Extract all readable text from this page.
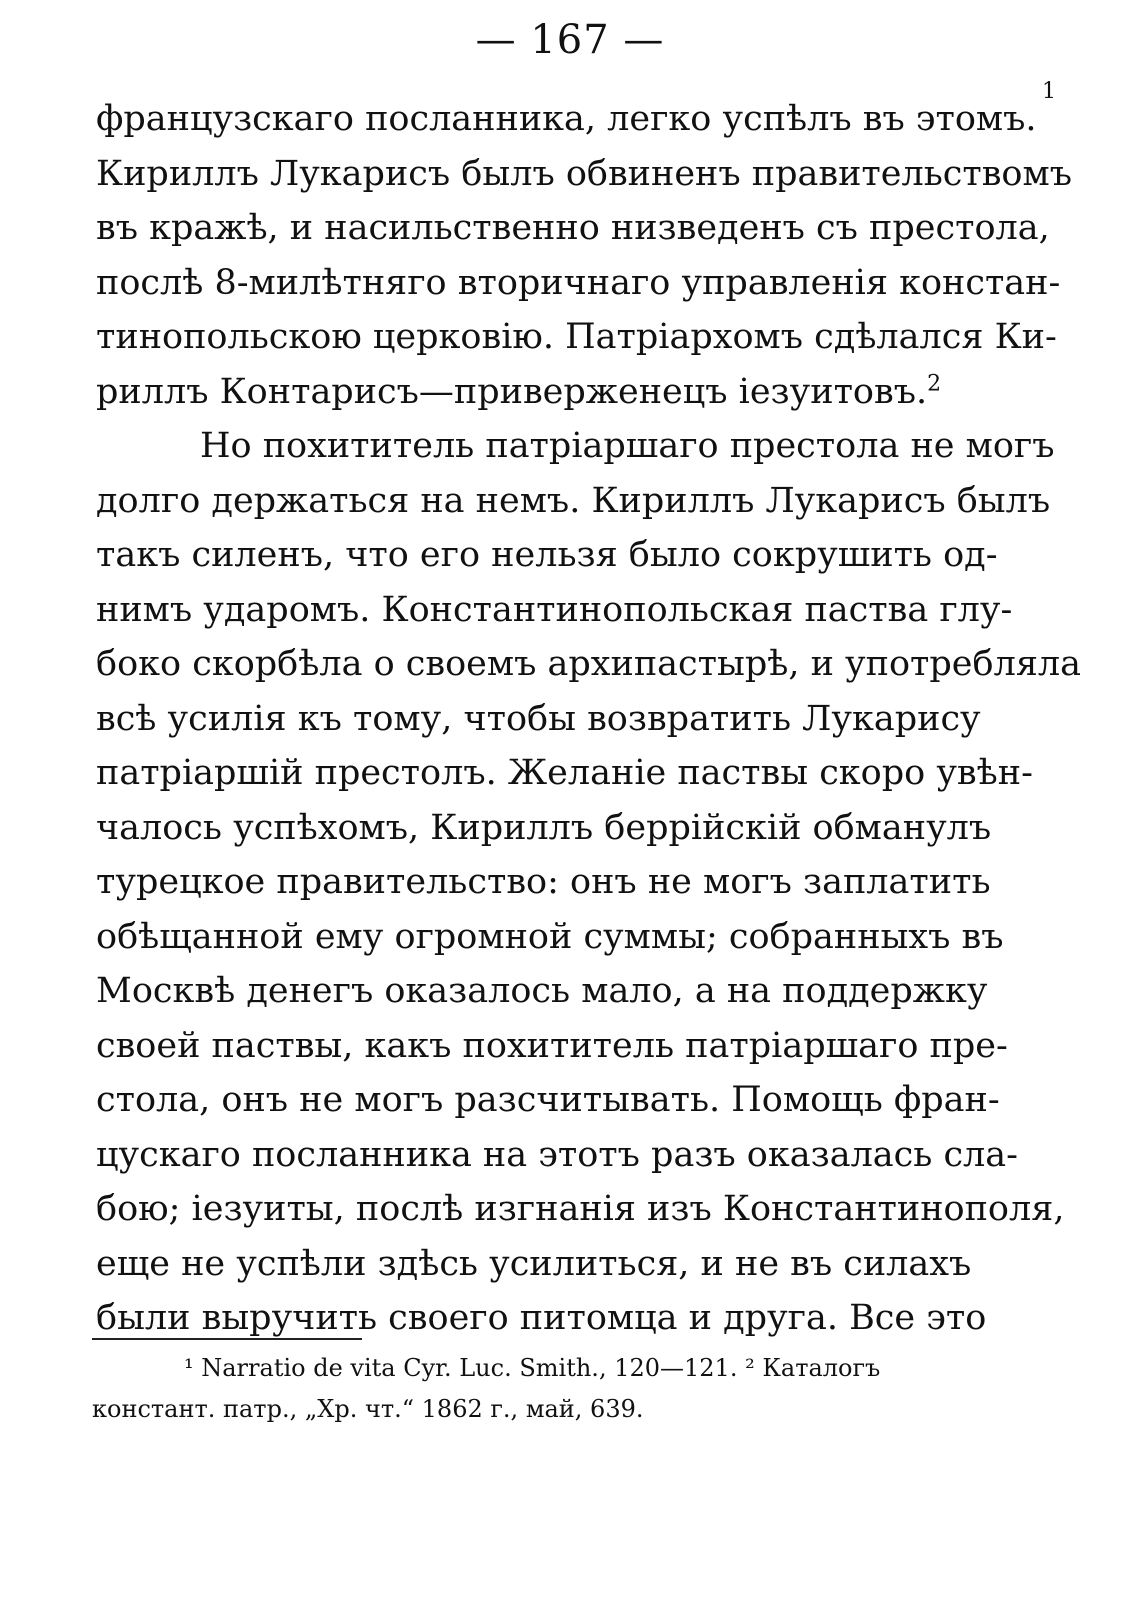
— 167 —
французскаго посланника, легко успѣлъ въ этомъ.
1
Кириллъ Лукарисъ былъ обвиненъ правительствомъ
въ кражѣ, и насильственно низведенъ съ престола,
послѣ 8-милѣтняго вторичнаго управленія констан-
тинопольскою церковію. Патріархомъ сдѣлался Ки-
риллъ Контарисъ—приверженецъ іезуитовъ.$^2$
Но похититель патріаршаго престола не могъ
долго держаться на немъ. Кириллъ Лукарисъ былъ
такъ силенъ, что его нельзя было сокрушить од-
нимъ ударомъ. Константинопольская паства глу-
боко скорбѣла о своемъ архипастырѣ, и употребляла
всѣ усилія къ тому, чтобы возвратить Лукарису
патріаршій престолъ. Желаніе паствы скоро увѣн-
чалось успѣхомъ, Кириллъ беррійскій обманулъ
турецкое правительство: онъ не могъ заплатить
обѣщанной ему огромной суммы; собранныхъ въ
Москвѣ денегъ оказалось мало, а на поддержку
своей паствы, какъ похититель патріаршаго пре-
стола, онъ не могъ разсчитывать. Помощь фран-
цускаго посланника на этотъ разъ оказалась сла-
бою; іезуиты, послѣ изгнанія изъ Константинополя,
еще не успѣли здѣсь усилиться, и не въ силахъ
были выручить своего питомца и друга. Все это
¹ Narratio de vita Cyr. Luc. Smith., 120—121. ² Каталогъ
констант. патр., „Хр. чт.“ 1862 г., май, 639.
